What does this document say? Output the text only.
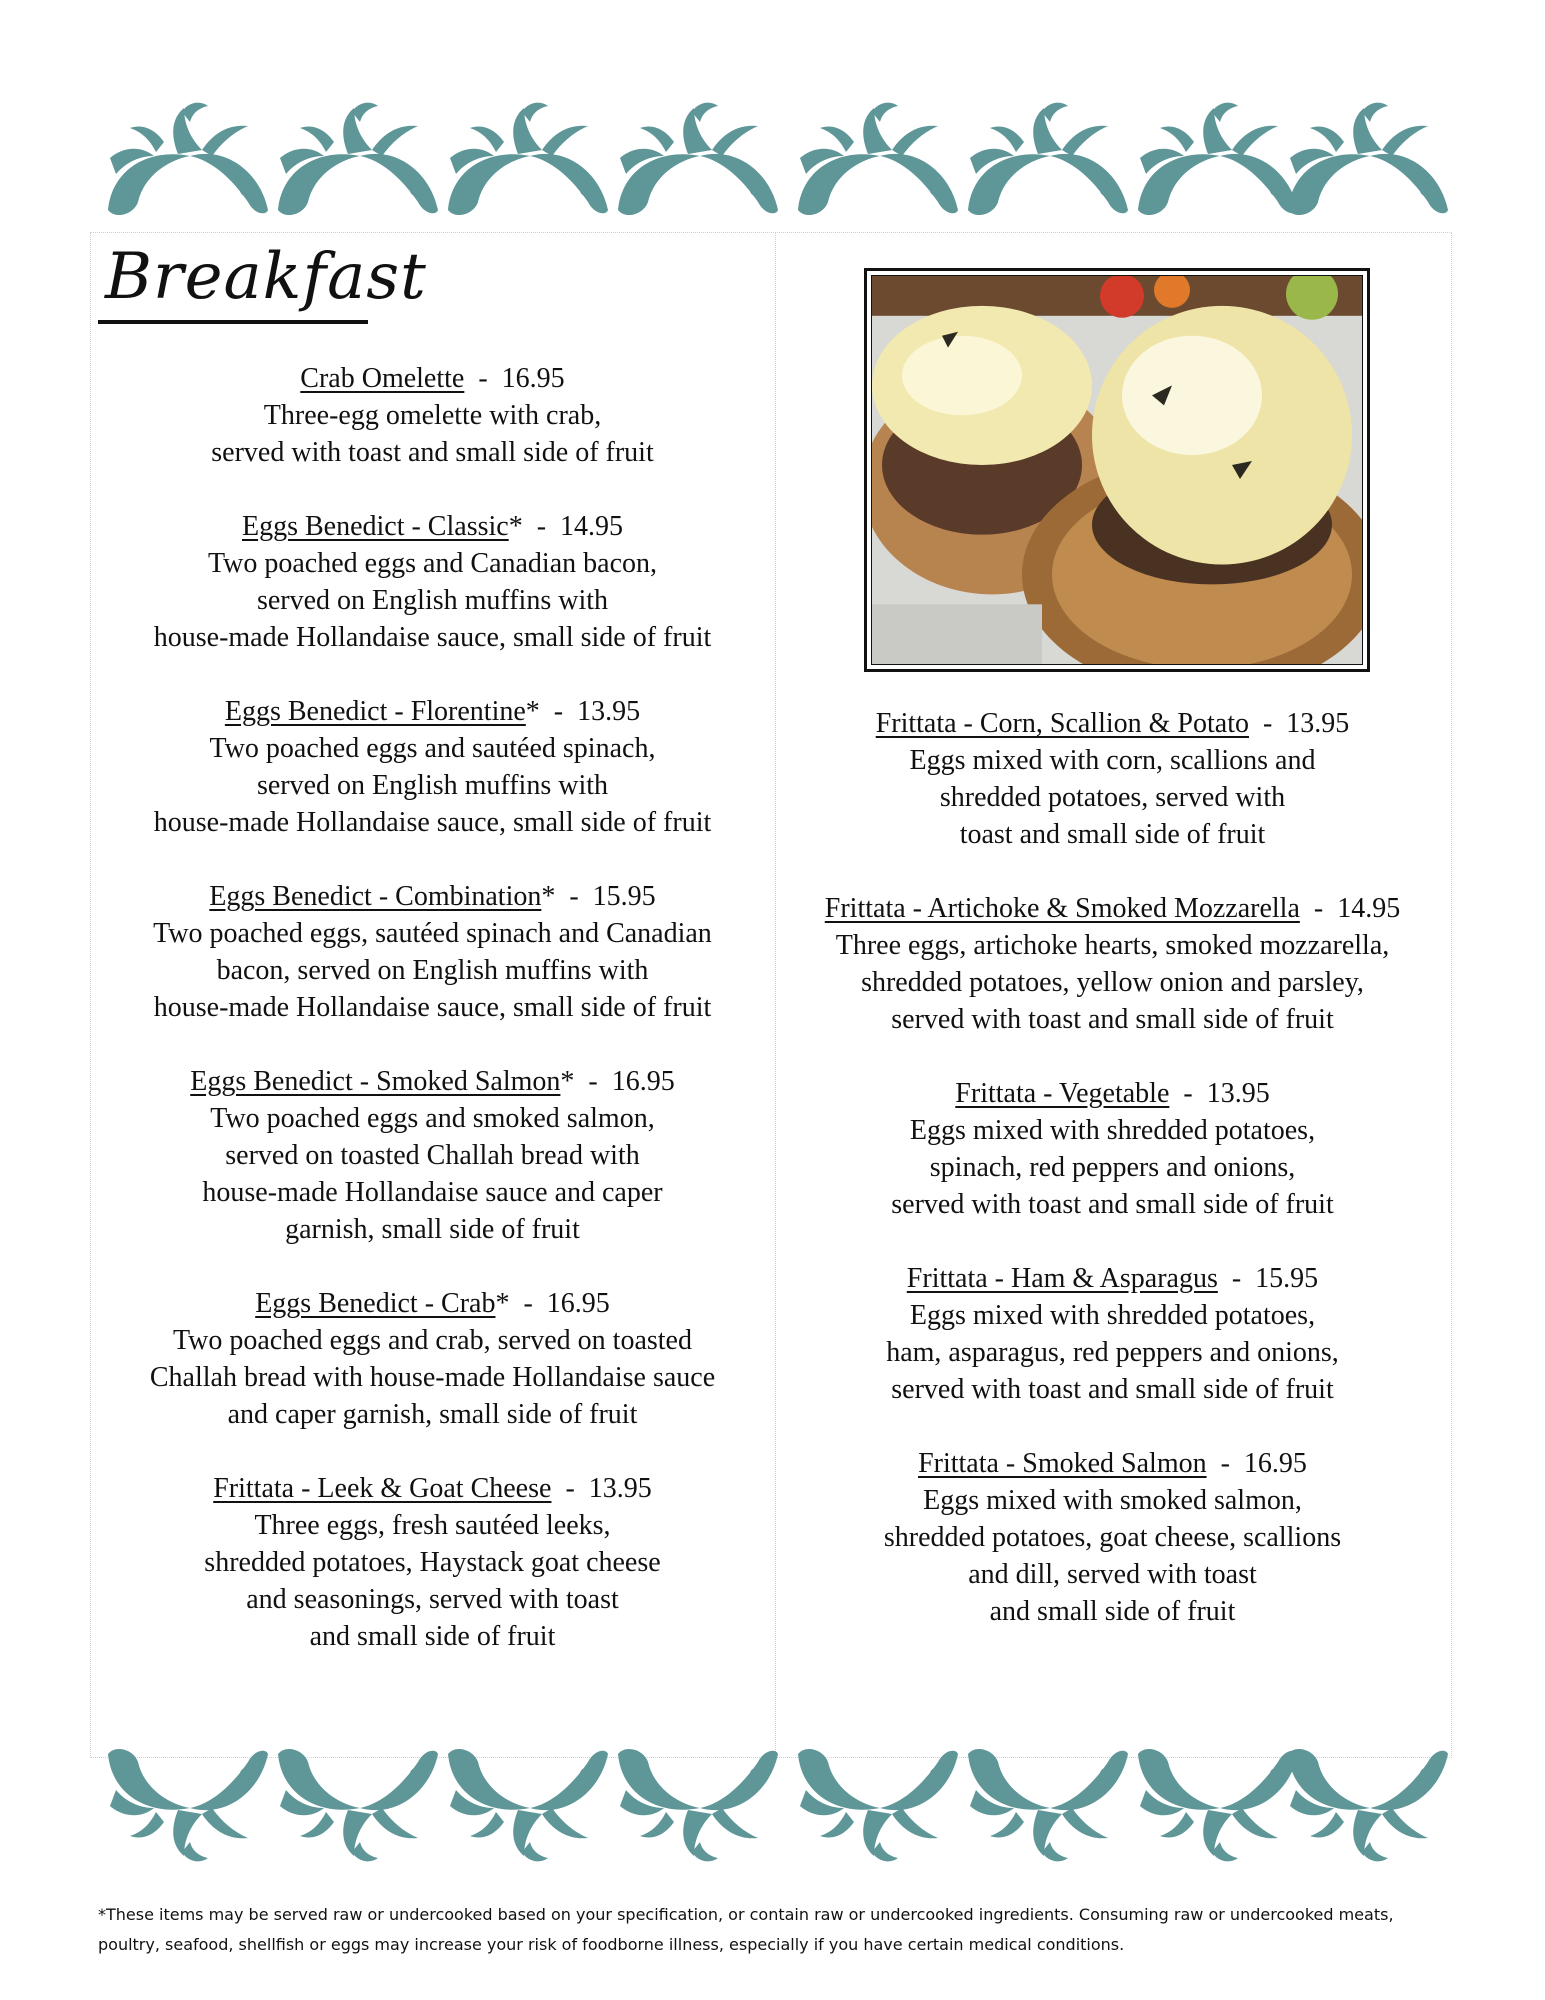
Breakfast
Crab Omelette  -  16.95
Three-egg omelette with crab,
served with toast and small side of fruit
Eggs Benedict - Classic*  -  14.95
Two poached eggs and Canadian bacon,
served on English muffins with
house-made Hollandaise sauce, small side of fruit
Eggs Benedict - Florentine*  -  13.95
Two poached eggs and sautéed spinach,
served on English muffins with
house-made Hollandaise sauce, small side of fruit
Eggs Benedict - Combination*  -  15.95
Two poached eggs, sautéed spinach and Canadian
bacon, served on English muffins with
house-made Hollandaise sauce, small side of fruit
Eggs Benedict - Smoked Salmon*  -  16.95
Two poached eggs and smoked salmon,
served on toasted Challah bread with
house-made Hollandaise sauce and caper
garnish, small side of fruit
Eggs Benedict - Crab*  -  16.95
Two poached eggs and crab, served on toasted
Challah bread with house-made Hollandaise sauce
and caper garnish, small side of fruit
Frittata - Leek & Goat Cheese  -  13.95
Three eggs, fresh sautéed leeks,
shredded potatoes, Haystack goat cheese
and seasonings, served with toast
and small side of fruit
Frittata - Corn, Scallion & Potato  -  13.95
Eggs mixed with corn, scallions and
shredded potatoes, served with
toast and small side of fruit
Frittata - Artichoke & Smoked Mozzarella  -  14.95
Three eggs, artichoke hearts, smoked mozzarella,
shredded potatoes, yellow onion and parsley,
served with toast and small side of fruit
Frittata - Vegetable  -  13.95
Eggs mixed with shredded potatoes,
spinach, red peppers and onions,
served with toast and small side of fruit
Frittata - Ham & Asparagus  -  15.95
Eggs mixed with shredded potatoes,
ham, asparagus, red peppers and onions,
served with toast and small side of fruit
Frittata - Smoked Salmon  -  16.95
Eggs mixed with smoked salmon,
shredded potatoes, goat cheese, scallions
and dill, served with toast
and small side of fruit

*These items may be served raw or undercooked based on your specification, or contain raw or undercooked ingredients. Consuming raw or undercooked meats,

poultry, seafood, shellfish or eggs may increase your risk of foodborne illness, especially if you have certain medical conditions.
